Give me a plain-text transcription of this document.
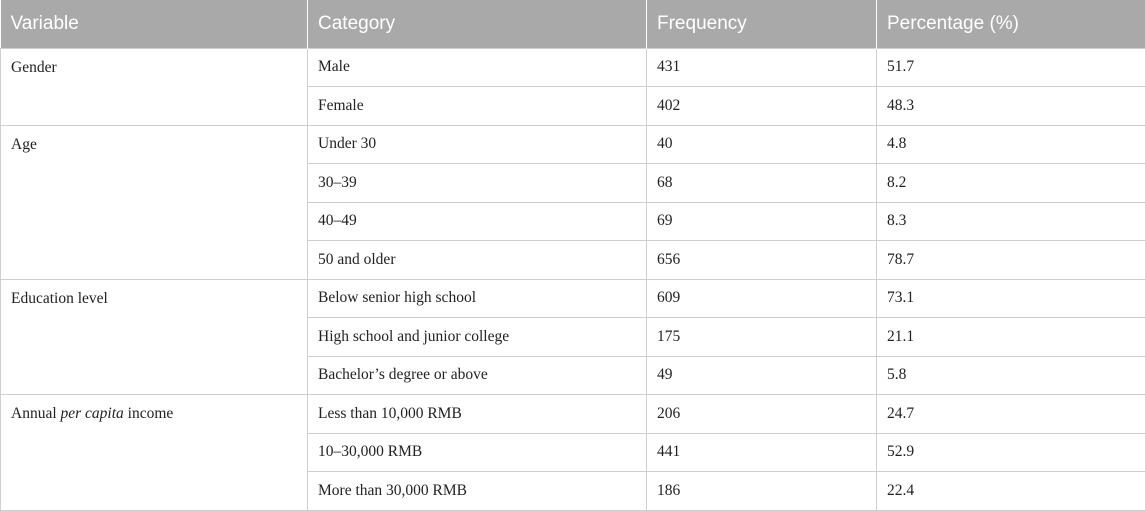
Variable	Category	Frequency	Percentage (%)
Gender	Male	431	51.7
	Female	402	48.3
Age	Under 30	40	4.8
	30–39	68	8.2
	40–49	69	8.3
	50 and older	656	78.7
Education level	Below senior high school	609	73.1
	High school and junior college	175	21.1
	Bachelor’s degree or above	49	5.8
Annual per capita income	Less than 10,000 RMB	206	24.7
	10–30,000 RMB	441	52.9
	More than 30,000 RMB	186	22.4
